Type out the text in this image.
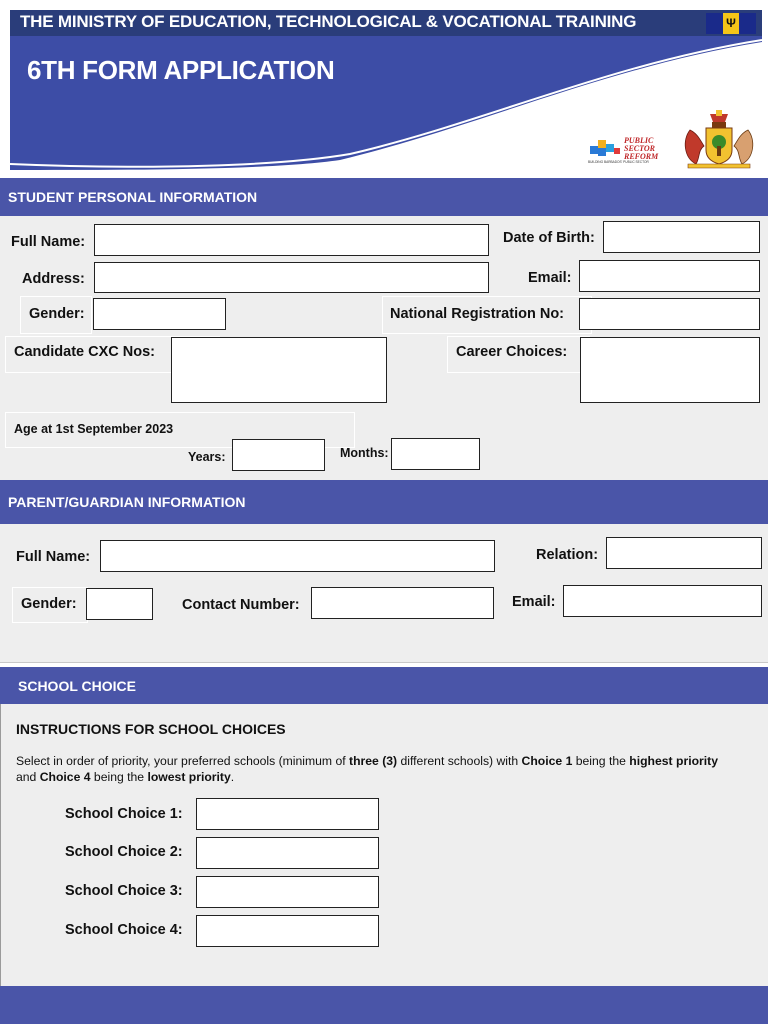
THE MINISTRY OF EDUCATION, TECHNOLOGICAL & VOCATIONAL TRAINING	Ψ
6TH FORM APPLICATION
PUBLIC
SECTOR
REFORM
BUILDING BARBADOS' PUBLIC SECTOR
STUDENT PERSONAL INFORMATION
Full Name:	Date of Birth:
Address:	Email:
Gender:	National Registration No:
Candidate CXC Nos:	Career Choices:
Age at 1st September 2023
Years:	Months:
PARENT/GUARDIAN INFORMATION
Full Name:	Relation:
Gender:	Contact Number:	Email:
SCHOOL CHOICE
INSTRUCTIONS FOR SCHOOL CHOICES
Select in order of priority, your preferred schools (minimum of three (3) different schools) with Choice 1 being the highest priority
and Choice 4 being the lowest priority.
School Choice 1:
School Choice 2:
School Choice 3:
School Choice 4:
